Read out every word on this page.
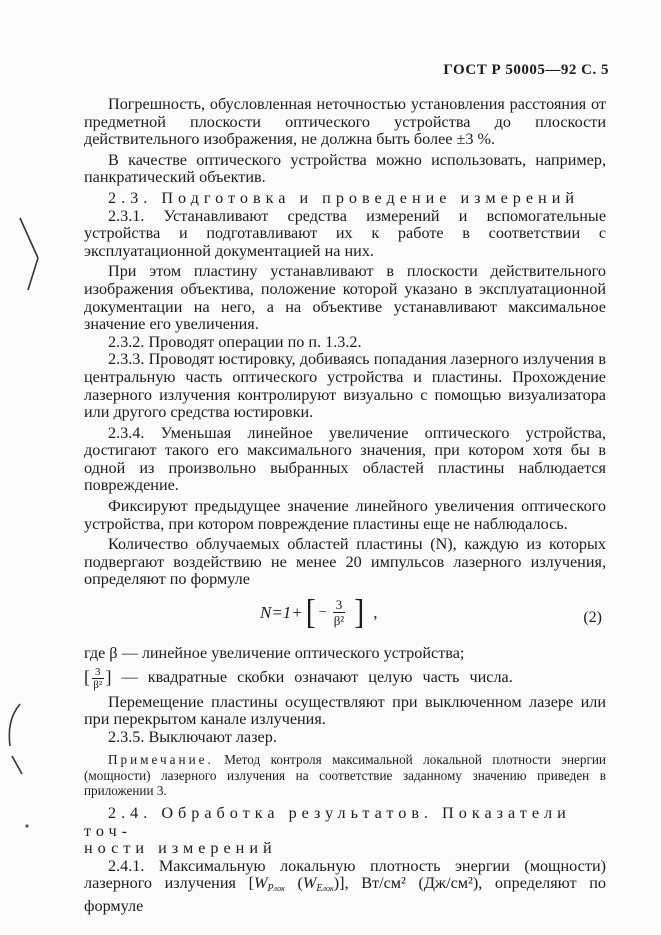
ГОСТ Р 50005—92 С. 5

Погрешность, обусловленная неточностью установления расстояния от предметной плоскости оптического устройства до плоскости действительного изображения, не должна быть более ±3 %.

В качестве оптического устройства можно использовать, например, панкратический объектив.

2.3. Подготовка и проведение измерений

2.3.1. Устанавливают средства измерений и вспомогательные устройства и подготавливают их к работе в соответствии с эксплуатационной документацией на них.

При этом пластину устанавливают в плоскости действительного изображения объектива, положение которой указано в эксплуатационной документации на него, а на объективе устанавливают максимальное значение его увеличения.

2.3.2. Проводят операции по п. 1.3.2.

2.3.3. Проводят юстировку, добиваясь попадания лазерного излучения в центральную часть оптического устройства и пластины. Прохождение лазерного излучения контролируют визуально с помощью визуализатора или другого средства юстировки.

2.3.4. Уменьшая линейное увеличение оптического устройства, достигают такого его максимального значения, при котором хотя бы в одной из произвольно выбранных областей пластины наблюдается повреждение.

Фиксируют предыдущее значение линейного увеличения оптического устройства, при котором повреждение пластины еще не наблюдалось.

Количество облучаемых областей пластины (N), каждую из которых подвергают воздействию не менее 20 импульсов лазерного излучения, определяют по формуле

N=1+ [ − $\frac{3}{\text{β²}}$ ] ,	(2)

где β — линейное увеличение оптического устройства;

[ $\frac{3}{\text{β²}}$ ] — квадратные скобки означают целую часть числа.

Перемещение пластины осуществляют при выключенном лазере или при перекрытом канале излучения.

2.3.5. Выключают лазер.

Примечание. Метод контроля максимальной локальной плотности энергии (мощности) лазерного излучения на соответствие заданному значению приведен в приложении 3.

2.4. Обработка результатов. Показатели точ-

ности измерений

2.4.1. Максимальную локальную плотность энергии (мощности) лазерного излучения [$W_{Pлок}$ $(W_{Eлок})$], Вт/см² (Дж/см²), определяют по формуле
